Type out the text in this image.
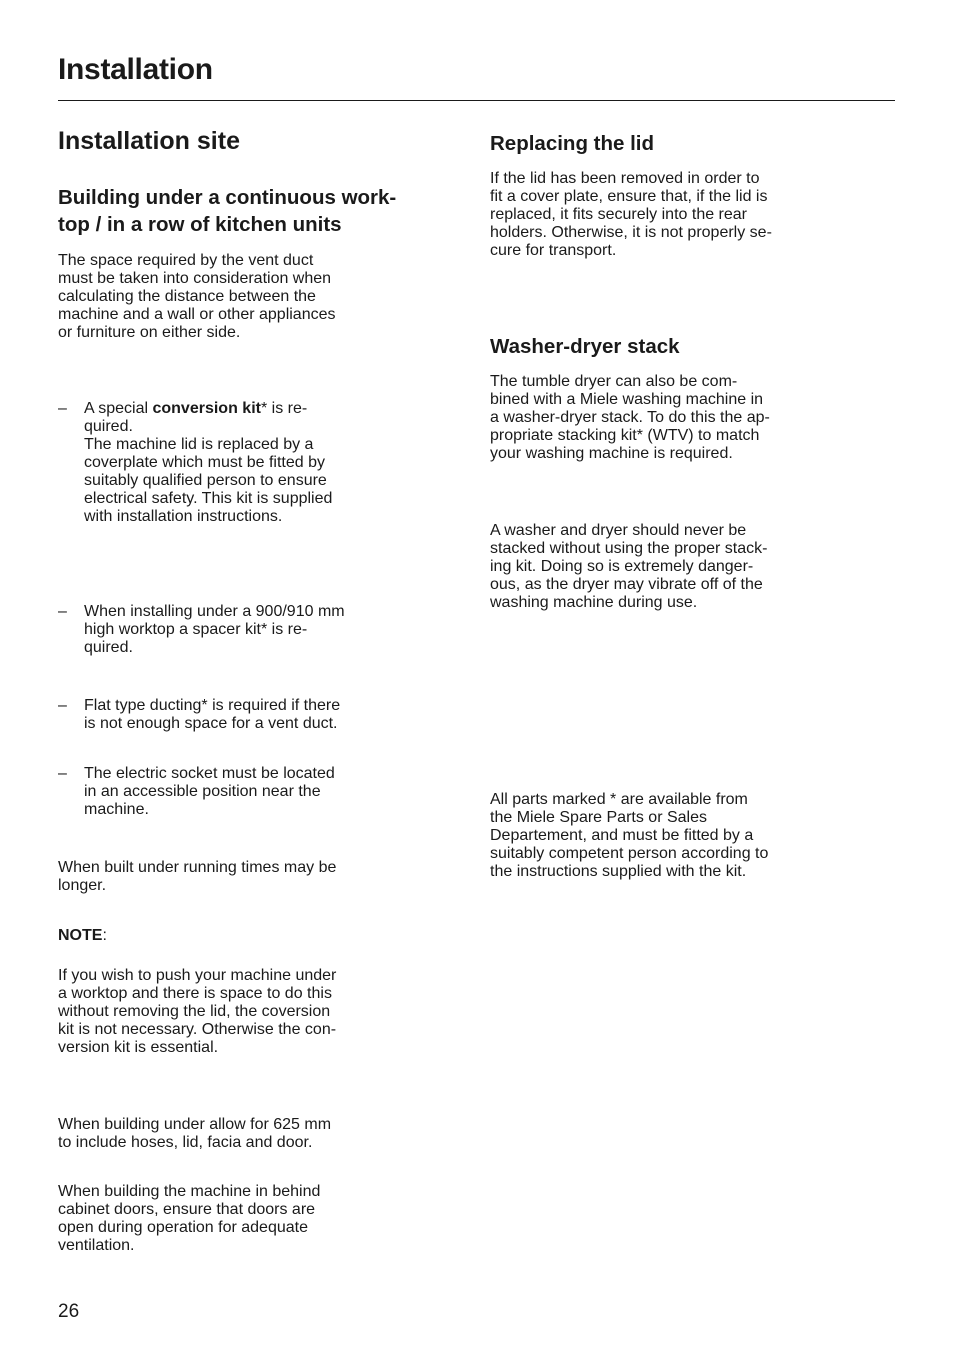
Installation
Installation site

Building under a continuous work-
top / in a row of kitchen units

The space required by the vent duct
must be taken into consideration when
calculating the distance between the
machine and a wall or other appliances
or furniture on either side.

–	A special conversion kit* is re-
quired.
The machine lid is replaced by a
coverplate which must be fitted by
suitably qualified person to ensure
electrical safety. This kit is supplied
with installation instructions.
–	When installing under a 900/910 mm
high worktop a spacer kit* is re-
quired.
–	Flat type ducting* is required if there
is not enough space for a vent duct.
–	The electric socket must be located
in an accessible position near the
machine.

When built under running times may be
longer.

NOTE:

If you wish to push your machine under
a worktop and there is space to do this
without removing the lid, the coversion
kit is not necessary. Otherwise the con-
version kit is essential.

When building under allow for 625 mm
to include hoses, lid, facia and door.

When building the machine in behind
cabinet doors, ensure that doors are
open during operation for adequate
ventilation.

Replacing the lid

If the lid has been removed in order to
fit a cover plate, ensure that, if the lid is
replaced, it fits securely into the rear
holders. Otherwise, it is not properly se-
cure for transport.

Washer-dryer stack

The tumble dryer can also be com-
bined with a Miele washing machine in
a washer-dryer stack. To do this the ap-
propriate stacking kit* (WTV) to match
your washing machine is required.

A washer and dryer should never be
stacked without using the proper stack-
ing kit. Doing so is extremely danger-
ous, as the dryer may vibrate off of the
washing machine during use.

All parts marked * are available from
the Miele Spare Parts or Sales
Departement, and must be fitted by a
suitably competent person according to
the instructions supplied with the kit.

26
